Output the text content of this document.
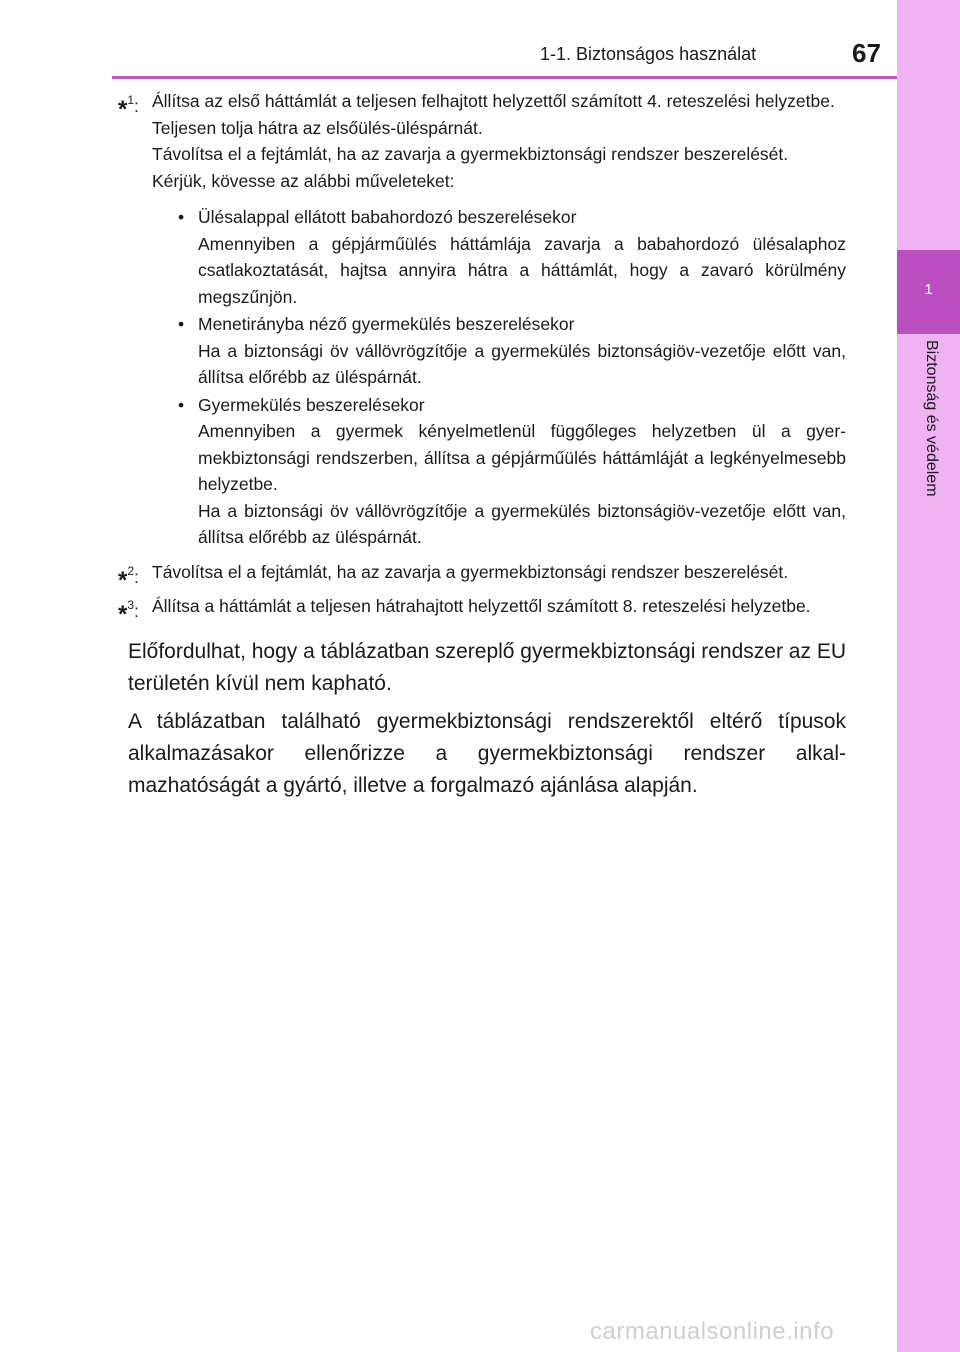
1
Biztonság és védelem
1-1. Biztonságos használat	67
*$^1$: Állítsa az első háttámlát a teljesen felhajtott helyzettől számított 4. reteszelési helyzetbe.

Teljesen tolja hátra az elsőülés-üléspárnát.

Távolítsa el a fejtámlát, ha az zavarja a gyermekbiztonsági rendszer beszerelését.

Kérjük, kövesse az alábbi műveleteket:

• Ülésalappal ellátott babahordozó beszerelésekor

Amennyiben a gépjárműülés háttámlája zavarja a babahordozó ülésalaphoz csatlakoztatását, hajtsa annyira hátra a háttámlát, hogy a zavaró körülmény megszűnjön.

• Menetirányba néző gyermekülés beszerelésekor

Ha a biztonsági öv vállövrögzítője a gyermekülés biztonságiöv-vezetője előtt van, állítsa előrébb az üléspárnát.

• Gyermekülés beszerelésekor

Amennyiben a gyermek kényelmetlenül függőleges helyzetben ül a gyermekbiztonsági rendszerben, állítsa a gépjárműülés háttámláját a legkényelmesebb helyzetbe.

Ha a biztonsági öv vállövrögzítője a gyermekülés biztonságiöv-vezetője előtt van, állítsa előrébb az üléspárnát.

*$^2$: Távolítsa el a fejtámlát, ha az zavarja a gyermekbiztonsági rendszer beszerelését.

*$^3$: Állítsa a háttámlát a teljesen hátrahajtott helyzettől számított 8. reteszelési helyzetbe.

Előfordulhat, hogy a táblázatban szereplő gyermekbiztonsági rendszer az EU területén kívül nem kapható.

A táblázatban található gyermekbiztonsági rendszerektől eltérő típusok alkalmazásakor ellenőrizze a gyermekbiztonsági rendszer alkalmazhatóságát a gyártó, illetve a forgalmazó ajánlása alapján.

carmanualsonline.info
